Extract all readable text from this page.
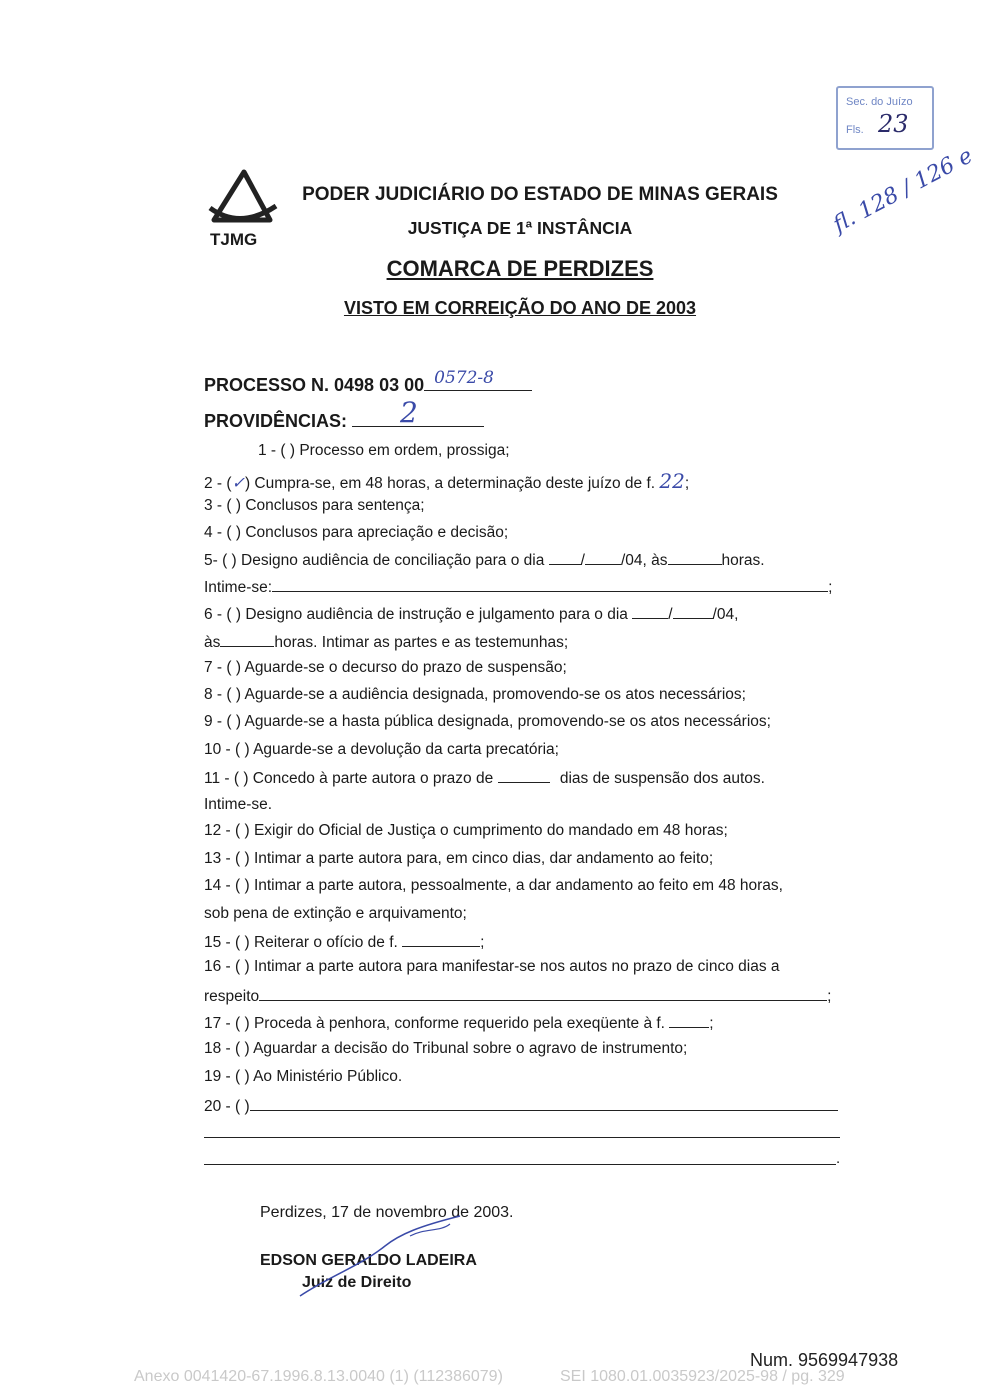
TJMG
PODER JUDICIÁRIO DO ESTADO DE MINAS GERAIS
JUSTIÇA DE 1ª INSTÂNCIA
COMARCA DE PERDIZES
VISTO EM CORREIÇÃO DO ANO DE 2003
Sec. do Juízo
Fls. 23
fl. 128 / 126 e
PROCESSO N. 0498 03 00 0572-8
PROVIDÊNCIAS: 2
1 - ( ) Processo em ordem, prossiga;
2 - (✓) Cumpra-se, em 48 horas, a determinação deste juízo de f. 22;
3 - ( ) Conclusos para sentença;
4 - ( ) Conclusos para apreciação e decisão;
5- ( ) Designo audiência de conciliação para o dia / /04, às	horas.
Intime-se:	;
6 - ( ) Designo audiência de instrução e julgamento para o dia	/	/04,
às	horas. Intimar as partes e as testemunhas;
7 - ( ) Aguarde-se o decurso do prazo de suspensão;
8 - ( ) Aguarde-se a audiência designada, promovendo-se os atos necessários;
9 - ( ) Aguarde-se a hasta pública designada, promovendo-se os atos necessários;
10 - ( ) Aguarde-se a devolução da carta precatória;
11 - ( ) Concedo à parte autora o prazo de	dias de suspensão dos autos.
Intime-se.
12 - ( ) Exigir do Oficial de Justiça o cumprimento do mandado em 48 horas;
13 - ( ) Intimar a parte autora para, em cinco dias, dar andamento ao feito;
14 - ( ) Intimar a parte autora, pessoalmente, a dar andamento ao feito em 48 horas,
sob pena de extinção e arquivamento;
15 - ( ) Reiterar o ofício de f.	;
16 - ( ) Intimar a parte autora para manifestar-se nos autos no prazo de cinco dias a
respeito	;
17 - ( ) Proceda à penhora, conforme requerido pela exeqüente à f.	;
18 - ( ) Aguardar a decisão do Tribunal sobre o agravo de instrumento;
19 - ( ) Ao Ministério Público.
20 - ( )
.
Perdizes, 17 de novembro de 2003.
EDSON GERALDO LADEIRA
Juiz de Direito
Num. 9569947938
Anexo 0041420-67.1996.8.13.0040 (1) (112386079)	SEI 1080.01.0035923/2025-98 / pg. 329
